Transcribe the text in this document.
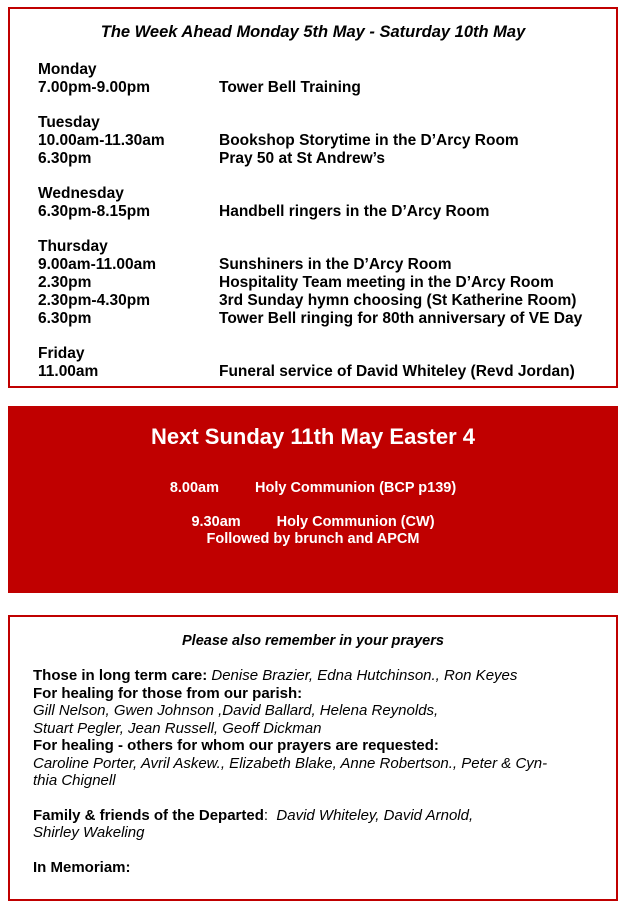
The Week Ahead Monday 5th May - Saturday 10th May
Monday
7.00pm-9.00pm	Tower Bell Training
Tuesday
10.00am-11.30am	Bookshop Storytime in the D’Arcy Room
6.30pm	Pray 50 at St Andrew’s
Wednesday
6.30pm-8.15pm	Handbell ringers in the D’Arcy Room
Thursday
9.00am-11.00am	Sunshiners in the D’Arcy Room
2.30pm	Hospitality Team meeting in the D’Arcy Room
2.30pm-4.30pm	3rd Sunday hymn choosing (St Katherine Room)
6.30pm	Tower Bell ringing for 80th anniversary of VE Day
Friday
11.00am	Funeral service of David Whiteley (Revd Jordan)
Next Sunday 11th May Easter 4
8.00am Holy Communion (BCP p139)
9.30am Holy Communion (CW)
Followed by brunch and APCM
Please also remember in your prayers
Those in long term care: Denise Brazier, Edna Hutchinson., Ron Keyes
For healing for those from our parish:
Gill Nelson, Gwen Johnson ,David Ballard, Helena Reynolds,
Stuart Pegler, Jean Russell, Geoff Dickman
For healing - others for whom our prayers are requested:
Caroline Porter, Avril Askew., Elizabeth Blake, Anne Robertson., Peter & Cyn-
thia Chignell
Family & friends of the Departed:  David Whiteley, David Arnold,
Shirley Wakeling
In Memoriam:
